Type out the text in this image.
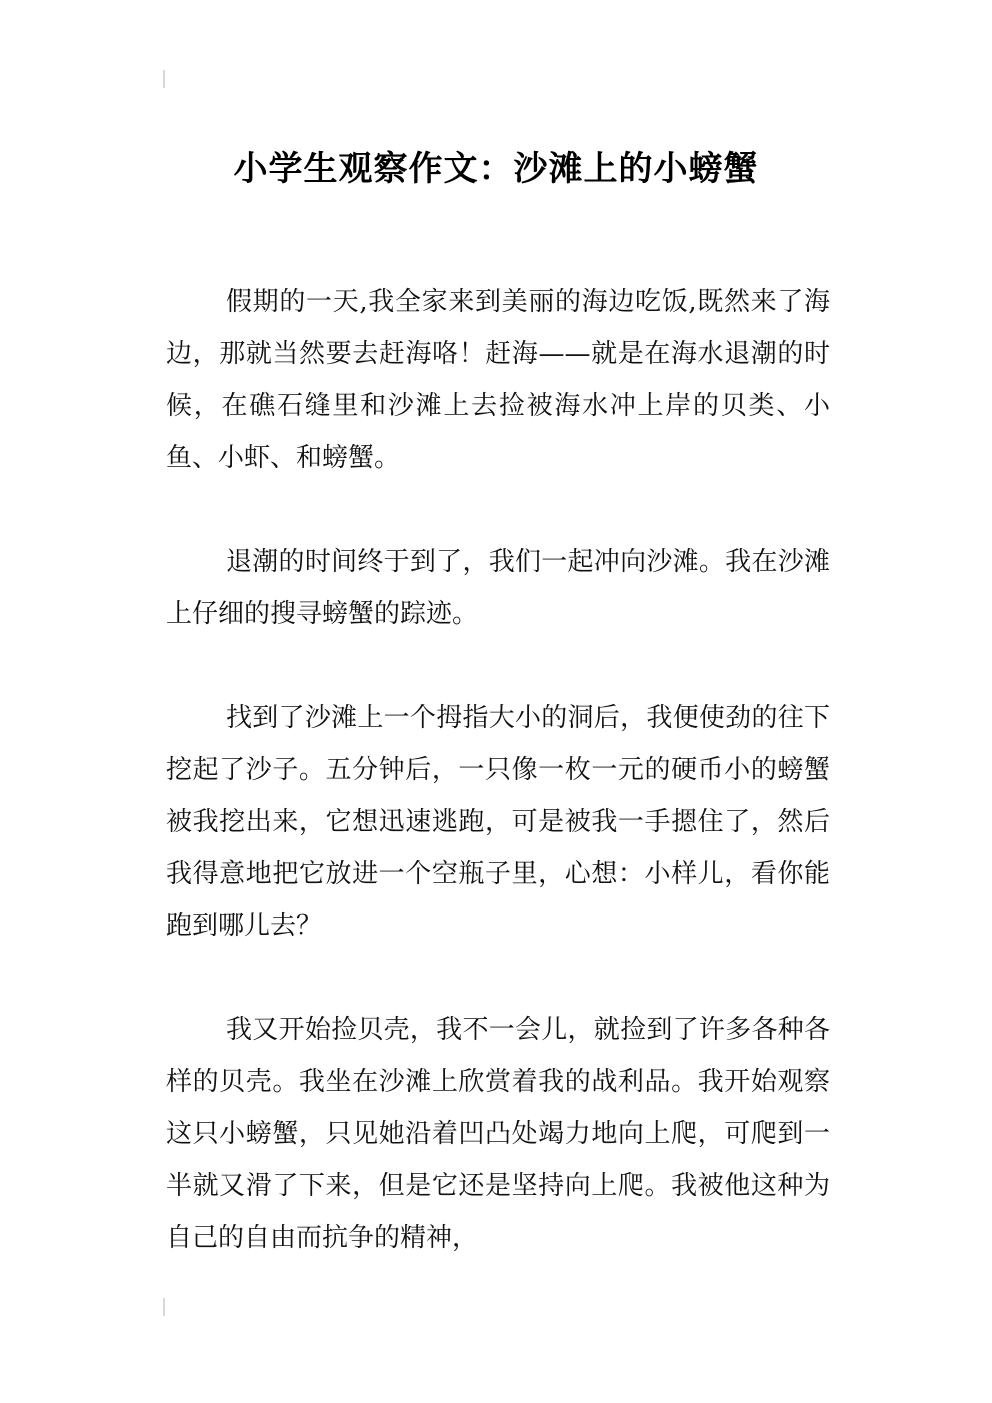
小学生观察作文：沙滩上的小螃蟹

假期的一天,我全家来到美丽的海边吃饭,既然来了海边，那就当然要去赶海咯！赶海——就是在海水退潮的时候，在礁石缝里和沙滩上去捡被海水冲上岸的贝类、小鱼、小虾、和螃蟹。

退潮的时间终于到了，我们一起冲向沙滩。我在沙滩上仔细的搜寻螃蟹的踪迹。

找到了沙滩上一个拇指大小的洞后，我便使劲的往下挖起了沙子。五分钟后，一只像一枚一元的硬币小的螃蟹被我挖出来，它想迅速逃跑，可是被我一手摁住了，然后我得意地把它放进一个空瓶子里，心想：小样儿，看你能跑到哪儿去？

我又开始捡贝壳，我不一会儿，就捡到了许多各种各样的贝壳。我坐在沙滩上欣赏着我的战利品。我开始观察这只小螃蟹，只见她沿着凹凸处竭力地向上爬，可爬到一半就又滑了下来，但是它还是坚持向上爬。我被他这种为自己的自由而抗争的精神，
